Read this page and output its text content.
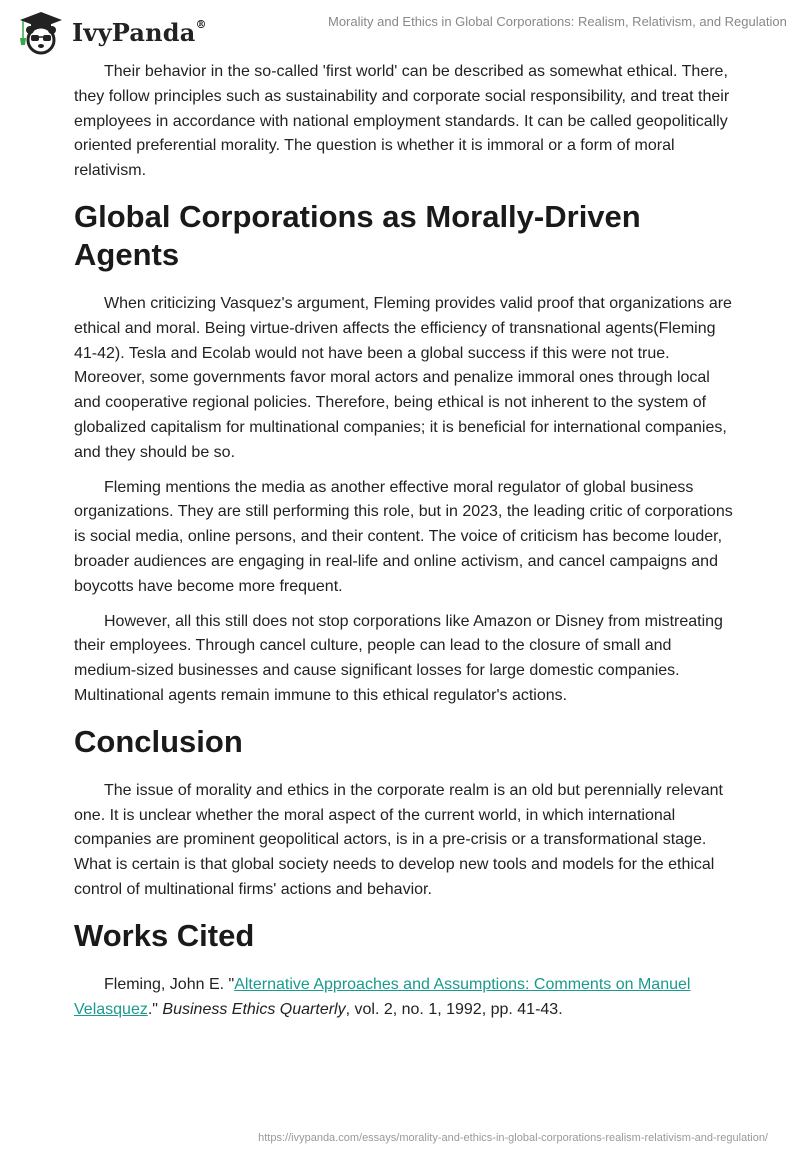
IvyPanda®	Morality and Ethics in Global Corporations: Realism, Relativism, and Regulation

Their behavior in the so-called 'first world' can be described as somewhat ethical. There, they follow principles such as sustainability and corporate social responsibility, and treat their employees in accordance with national employment standards. It can be called geopolitically oriented preferential morality. The question is whether it is immoral or a form of moral relativism.

Global Corporations as Morally-Driven Agents

When criticizing Vasquez's argument, Fleming provides valid proof that organizations are ethical and moral. Being virtue-driven affects the efficiency of transnational agents(Fleming 41-42). Tesla and Ecolab would not have been a global success if this were not true. Moreover, some governments favor moral actors and penalize immoral ones through local and cooperative regional policies. Therefore, being ethical is not inherent to the system of globalized capitalism for multinational companies; it is beneficial for international companies, and they should be so.

Fleming mentions the media as another effective moral regulator of global business organizations. They are still performing this role, but in 2023, the leading critic of corporations is social media, online persons, and their content. The voice of criticism has become louder, broader audiences are engaging in real-life and online activism, and cancel campaigns and boycotts have become more frequent.

However, all this still does not stop corporations like Amazon or Disney from mistreating their employees. Through cancel culture, people can lead to the closure of small and medium-sized businesses and cause significant losses for large domestic companies. Multinational agents remain immune to this ethical regulator's actions.

Conclusion

The issue of morality and ethics in the corporate realm is an old but perennially relevant one. It is unclear whether the moral aspect of the current world, in which international companies are prominent geopolitical actors, is in a pre-crisis or a transformational stage. What is certain is that global society needs to develop new tools and models for the ethical control of multinational firms' actions and behavior.

Works Cited

Fleming, John E. "Alternative Approaches and Assumptions: Comments on Manuel Velasquez." Business Ethics Quarterly, vol. 2, no. 1, 1992, pp. 41-43.

https://ivypanda.com/essays/morality-and-ethics-in-global-corporations-realism-relativism-and-regulation/
